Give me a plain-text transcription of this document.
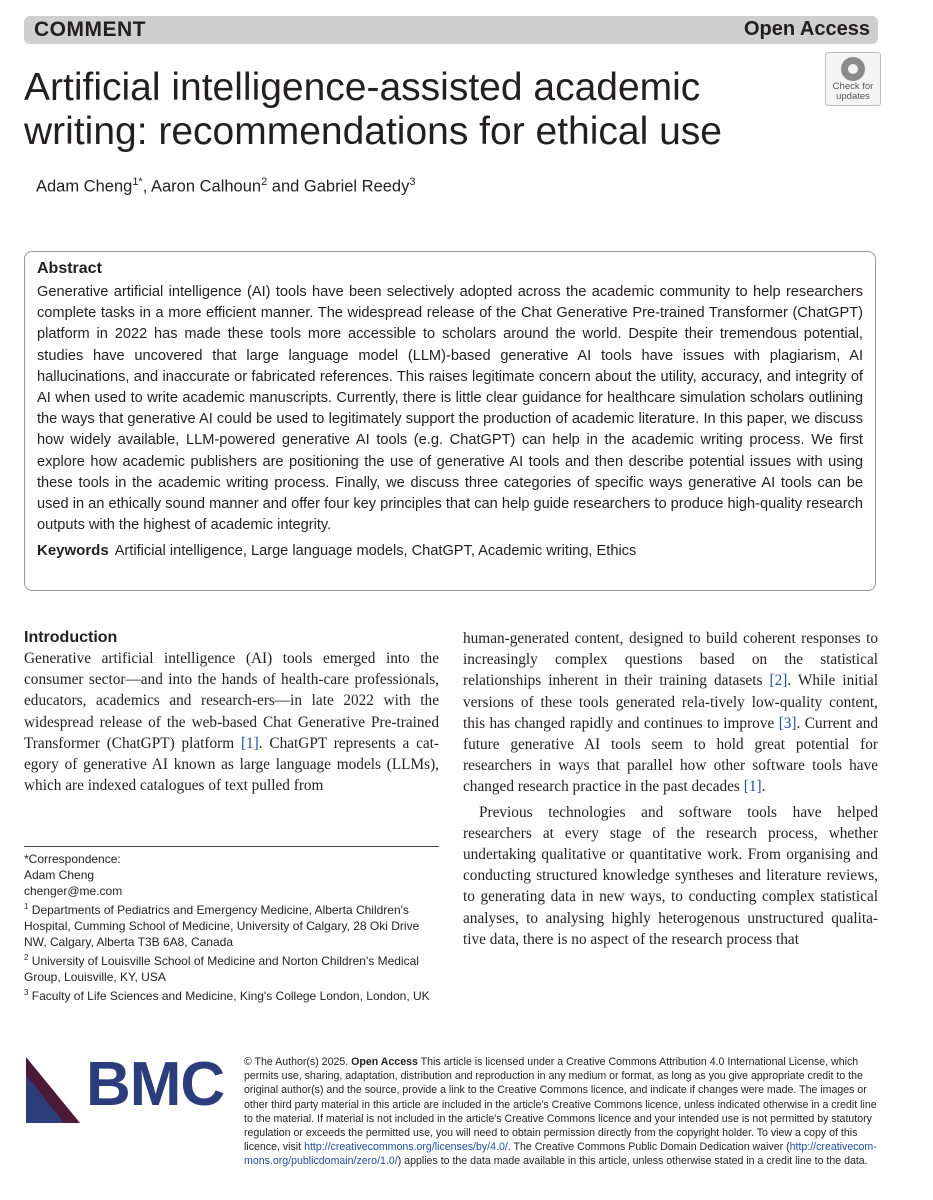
COMMENT	Open Access
Check for
updates
Artificial intelligence-assisted academic writing: recommendations for ethical use
Adam Cheng$^{1*}$, Aaron Calhoun$^2$ and Gabriel Reedy$^3$
Abstract

Generative artificial intelligence (AI) tools have been selectively adopted across the academic community to help researchers complete tasks in a more efficient manner. The widespread release of the Chat Generative Pre-trained Transformer (ChatGPT) platform in 2022 has made these tools more accessible to scholars around the world. Despite their tremendous potential, studies have uncovered that large language model (LLM)-based generative AI tools have issues with plagiarism, AI hallucinations, and inaccurate or fabricated references. This raises legitimate concern about the utility, accuracy, and integrity of AI when used to write academic manuscripts. Currently, there is little clear guidance for healthcare simulation scholars outlining the ways that generative AI could be used to legitimately support the production of academic literature. In this paper, we discuss how widely available, LLM-powered generative AI tools (e.g. ChatGPT) can help in the academic writing process. We first explore how academic publishers are positioning the use of generative AI tools and then describe potential issues with using these tools in the academic writing process. Finally, we discuss three categories of specific ways generative AI tools can be used in an ethically sound manner and offer four key principles that can help guide researchers to produce high-quality research outputs with the highest of academic integrity.

Keywords Artificial intelligence, Large language models, ChatGPT, Academic writing, Ethics
Introduction

Generative artificial intelligence (AI) tools emerged into the consumer sector—and into the hands of health-care professionals, educators, academics and research-ers—in late 2022 with the widespread release of the web-based Chat Generative Pre-trained Transformer (ChatGPT) platform [1]. ChatGPT represents a cat-egory of generative AI known as large language models (LLMs), which are indexed catalogues of text pulled from

human-generated content, designed to build coherent responses to increasingly complex questions based on the statistical relationships inherent in their training datasets [2]. While initial versions of these tools generated rela-tively low-quality content, this has changed rapidly and continues to improve [3]. Current and future generative AI tools seem to hold great potential for researchers in ways that parallel how other software tools have changed research practice in the past decades [1].

Previous technologies and software tools have helped researchers at every stage of the research process, whether undertaking qualitative or quantitative work. From organising and conducting structured knowledge syntheses and literature reviews, to generating data in new ways, to conducting complex statistical analyses, to analysing highly heterogenous unstructured qualita-tive data, there is no aspect of the research process that

*Correspondence:

Adam Cheng

chenger@me.com

$^1$ Departments of Pediatrics and Emergency Medicine, Alberta Children's Hospital, Cumming School of Medicine, University of Calgary, 28 Oki Drive NW, Calgary, Alberta T3B 6A8, Canada

$^2$ University of Louisville School of Medicine and Norton Children's Medical Group, Louisville, KY, USA

$^3$ Faculty of Life Sciences and Medicine, King's College London, London, UK

BMC © The Author(s) 2025. Open Access This article is licensed under a Creative Commons Attribution 4.0 International License, which permits use, sharing, adaptation, distribution and reproduction in any medium or format, as long as you give appropriate credit to the original author(s) and the source, provide a link to the Creative Commons licence, and indicate if changes were made. The images or other third party material in this article are included in the article's Creative Commons licence, unless indicated otherwise in a credit line to the material. If material is not included in the article's Creative Commons licence and your intended use is not permitted by statutory regulation or exceeds the permitted use, you will need to obtain permission directly from the copyright holder. To view a copy of this licence, visit http://creativecommons.org/licenses/by/4.0/. The Creative Commons Public Domain Dedication waiver (http://creativecom-mons.org/publicdomain/zero/1.0/) applies to the data made available in this article, unless otherwise stated in a credit line to the data.
